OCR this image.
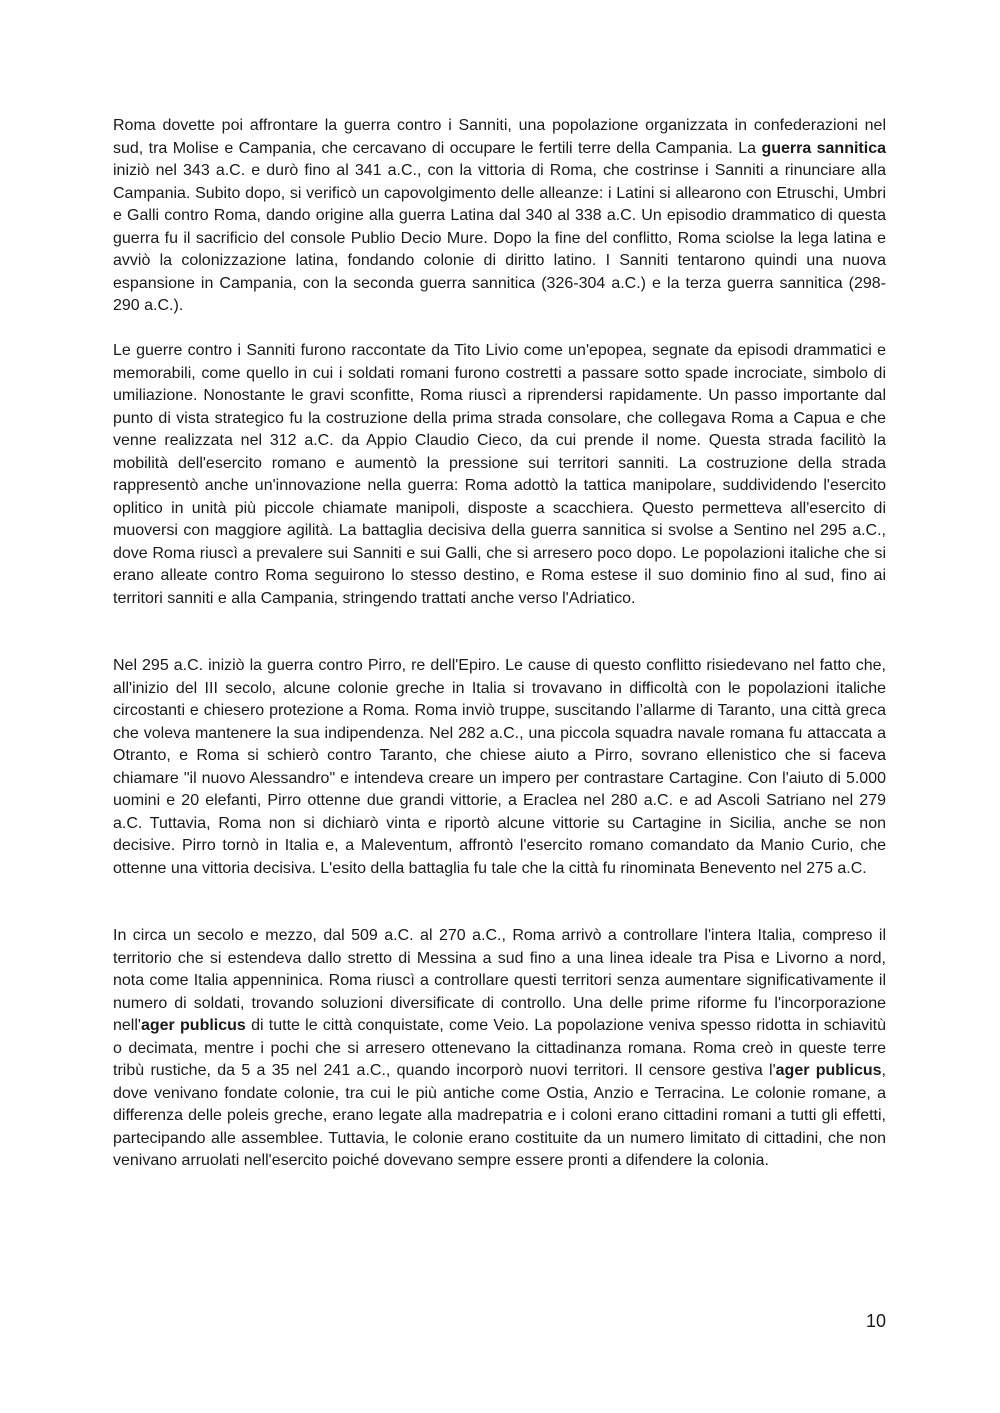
Roma dovette poi affrontare la guerra contro i Sanniti, una popolazione organizzata in confederazioni nel sud, tra Molise e Campania, che cercavano di occupare le fertili terre della Campania. La guerra sannitica iniziò nel 343 a.C. e durò fino al 341 a.C., con la vittoria di Roma, che costrinse i Sanniti a rinunciare alla Campania. Subito dopo, si verificò un capovolgimento delle alleanze: i Latini si allearono con Etruschi, Umbri e Galli contro Roma, dando origine alla guerra Latina dal 340 al 338 a.C. Un episodio drammatico di questa guerra fu il sacrificio del console Publio Decio Mure. Dopo la fine del conflitto, Roma sciolse la lega latina e avviò la colonizzazione latina, fondando colonie di diritto latino. I Sanniti tentarono quindi una nuova espansione in Campania, con la seconda guerra sannitica (326-304 a.C.) e la terza guerra sannitica (298-290 a.C.).

Le guerre contro i Sanniti furono raccontate da Tito Livio come un'epopea, segnate da episodi drammatici e memorabili, come quello in cui i soldati romani furono costretti a passare sotto spade incrociate, simbolo di umiliazione. Nonostante le gravi sconfitte, Roma riuscì a riprendersi rapidamente. Un passo importante dal punto di vista strategico fu la costruzione della prima strada consolare, che collegava Roma a Capua e che venne realizzata nel 312 a.C. da Appio Claudio Cieco, da cui prende il nome. Questa strada facilitò la mobilità dell'esercito romano e aumentò la pressione sui territori sanniti. La costruzione della strada rappresentò anche un'innovazione nella guerra: Roma adottò la tattica manipolare, suddividendo l'esercito oplitico in unità più piccole chiamate manipoli, disposte a scacchiera. Questo permetteva all'esercito di muoversi con maggiore agilità. La battaglia decisiva della guerra sannitica si svolse a Sentino nel 295 a.C., dove Roma riuscì a prevalere sui Sanniti e sui Galli, che si arresero poco dopo. Le popolazioni italiche che si erano alleate contro Roma seguirono lo stesso destino, e Roma estese il suo dominio fino al sud, fino ai territori sanniti e alla Campania, stringendo trattati anche verso l'Adriatico.

Nel 295 a.C. iniziò la guerra contro Pirro, re dell'Epiro. Le cause di questo conflitto risiedevano nel fatto che, all'inizio del III secolo, alcune colonie greche in Italia si trovavano in difficoltà con le popolazioni italiche circostanti e chiesero protezione a Roma. Roma inviò truppe, suscitando l’allarme di Taranto, una città greca che voleva mantenere la sua indipendenza. Nel 282 a.C., una piccola squadra navale romana fu attaccata a Otranto, e Roma si schierò contro Taranto, che chiese aiuto a Pirro, sovrano ellenistico che si faceva chiamare "il nuovo Alessandro" e intendeva creare un impero per contrastare Cartagine. Con l'aiuto di 5.000 uomini e 20 elefanti, Pirro ottenne due grandi vittorie, a Eraclea nel 280 a.C. e ad Ascoli Satriano nel 279 a.C. Tuttavia, Roma non si dichiarò vinta e riportò alcune vittorie su Cartagine in Sicilia, anche se non decisive. Pirro tornò in Italia e, a Maleventum, affrontò l'esercito romano comandato da Manio Curio, che ottenne una vittoria decisiva. L'esito della battaglia fu tale che la città fu rinominata Benevento nel 275 a.C.

In circa un secolo e mezzo, dal 509 a.C. al 270 a.C., Roma arrivò a controllare l'intera Italia, compreso il territorio che si estendeva dallo stretto di Messina a sud fino a una linea ideale tra Pisa e Livorno a nord, nota come Italia appenninica. Roma riuscì a controllare questi territori senza aumentare significativamente il numero di soldati, trovando soluzioni diversificate di controllo. Una delle prime riforme fu l'incorporazione nell'ager publicus di tutte le città conquistate, come Veio. La popolazione veniva spesso ridotta in schiavitù o decimata, mentre i pochi che si arresero ottenevano la cittadinanza romana. Roma creò in queste terre tribù rustiche, da 5 a 35 nel 241 a.C., quando incorporò nuovi territori. Il censore gestiva l'ager publicus, dove venivano fondate colonie, tra cui le più antiche come Ostia, Anzio e Terracina. Le colonie romane, a differenza delle poleis greche, erano legate alla madrepatria e i coloni erano cittadini romani a tutti gli effetti, partecipando alle assemblee. Tuttavia, le colonie erano costituite da un numero limitato di cittadini, che non venivano arruolati nell'esercito poiché dovevano sempre essere pronti a difendere la colonia.

10
